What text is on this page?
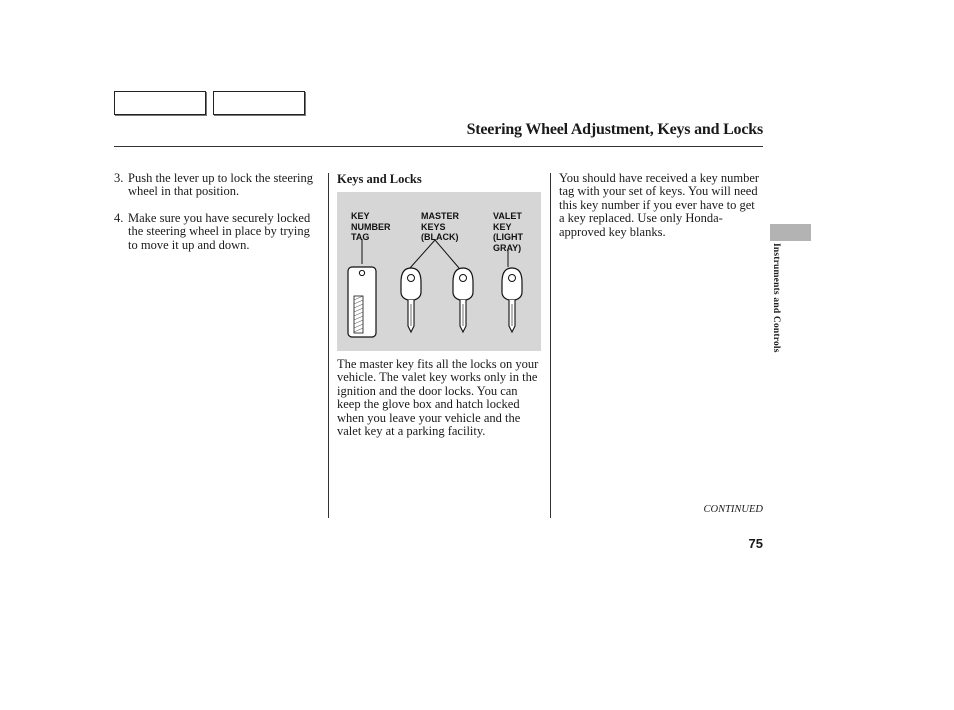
Steering Wheel Adjustment, Keys and Locks
3. Push the lever up to lock the steering wheel in that position.
4. Make sure you have securely locked the steering wheel in place by trying to move it up and down.
Keys and Locks
KEY
NUMBER
TAG
MASTER
KEYS
(BLACK)
VALET
KEY
(LIGHT
GRAY)
The master key fits all the locks on your vehicle. The valet key works only in the ignition and the door locks. You can keep the glove box and hatch locked when you leave your vehicle and the valet key at a parking facility.
You should have received a key number tag with your set of keys. You will need this key number if you ever have to get a key replaced. Use only Honda-approved key blanks.
Instruments and Controls
CONTINUED
75
